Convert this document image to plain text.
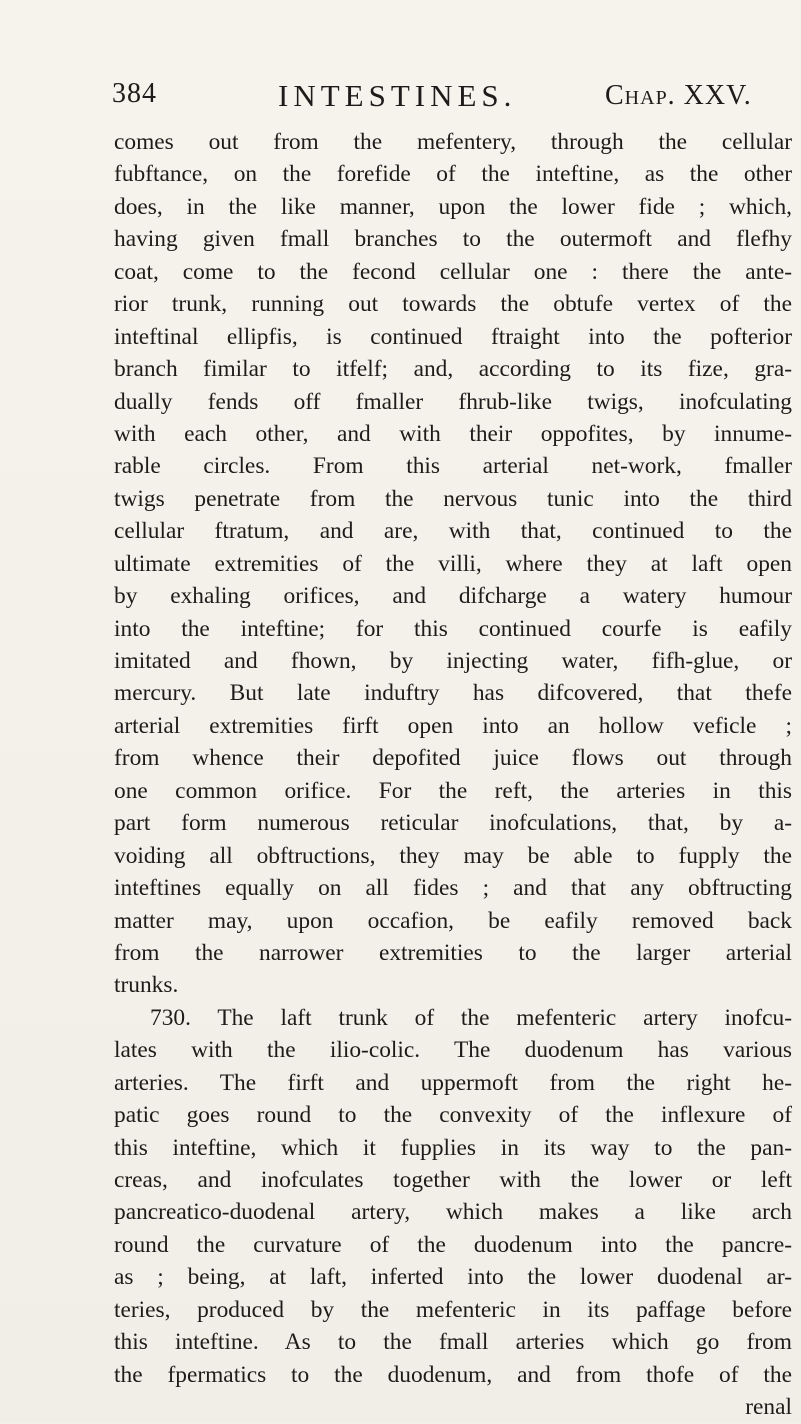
384	INTESTINES.	Chap. XXV.
comes out from the mefentery, through the cellular
fubftance, on the forefide of the inteftine, as the other
does, in the like manner, upon the lower fide ; which,
having given fmall branches to the outermoft and flefhy
coat, come to the fecond cellular one : there the ante-
rior trunk, running out towards the obtufe vertex of the
inteftinal ellipfis, is continued ftraight into the pofterior
branch fimilar to itfelf; and, according to its fize, gra-
dually fends off fmaller fhrub-like twigs, inofculating
with each other, and with their oppofites, by innume-
rable circles. From this arterial net-work, fmaller
twigs penetrate from the nervous tunic into the third
cellular ftratum, and are, with that, continued to the
ultimate extremities of the villi, where they at laft open
by exhaling orifices, and difcharge a watery humour
into the inteftine; for this continued courfe is eafily
imitated and fhown, by injecting water, fifh-glue, or
mercury. But late induftry has difcovered, that thefe
arterial extremities firft open into an hollow veficle ;
from whence their depofited juice flows out through
one common orifice. For the reft, the arteries in this
part form numerous reticular inofculations, that, by a-
voiding all obftructions, they may be able to fupply the
inteftines equally on all fides ; and that any obftructing
matter may, upon occafion, be eafily removed back
from the narrower extremities to the larger arterial
trunks.
730. The laft trunk of the mefenteric artery inofcu-
lates with the ilio-colic. The duodenum has various
arteries. The firft and uppermoft from the right he-
patic goes round to the convexity of the inflexure of
this inteftine, which it fupplies in its way to the pan-
creas, and inofculates together with the lower or left
pancreatico-duodenal artery, which makes a like arch
round the curvature of the duodenum into the pancre-
as ; being, at laft, inferted into the lower duodenal ar-
teries, produced by the mefenteric in its paffage before
this inteftine. As to the fmall arteries which go from
the fpermatics to the duodenum, and from thofe of the
renal
